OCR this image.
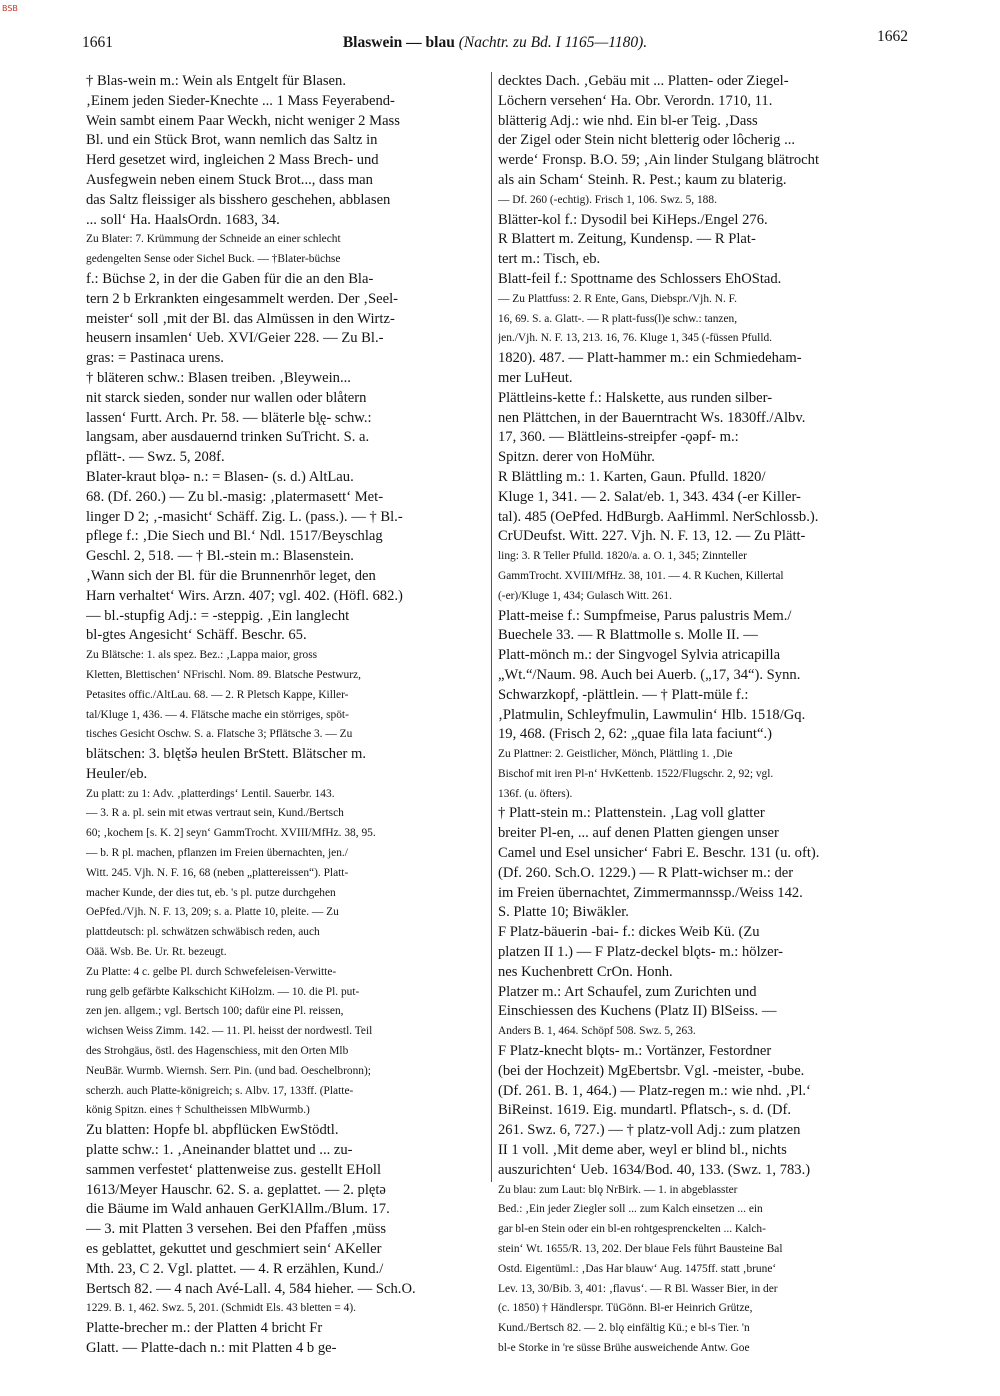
BSB
1661	Blaswein — blau (Nachtr. zu Bd. I 1165—1180).	1662
† Blas-wein m.: Wein als Entgelt für Blasen.
‚Einem jeden Sieder-Knechte ... 1 Mass Feyerabend-
Wein sambt einem Paar Weckh, nicht weniger 2 Mass
Bl. und ein Stück Brot, wann nemlich das Saltz in
Herd gesetzet wird, ingleichen 2 Mass Brech- und
Ausfegwein neben einem Stuck Brot..., dass man
das Saltz fleissiger als bisshero geschehen, abblasen
... soll‘ Ha. HaalsOrdn. 1683, 34.
Zu Blater: 7. Krümmung der Schneide an einer schlecht
gedengelten Sense oder Sichel Buck. — †Blater-büchse
f.: Büchse 2, in der die Gaben für die an den Bla-
tern 2 b Erkrankten eingesammelt werden. Der ‚Seel-
meister‘ soll ‚mit der Bl. das Almüssen in den Wirtz-
heusern insamlen‘ Ueb. XVI/Geier 228. — Zu Bl.-
gras: = Pastinaca urens.
† bläteren schw.: Blasen treiben. ‚Bleywein...
nit starck sieden, sonder nur wallen oder blåtern
lassen‘ Furtt. Arch. Pr. 58. — bläterle bl̨ę- schw.:
langsam, aber ausdauernd trinken SuTricht. S. a.
pflätt-. — Swz. 5, 208f.
Blater-kraut blǫə- n.: = Blasen- (s. d.) AltLau.
68. (Df. 260.) — Zu bl.-masig: ‚platermasett‘ Met-
linger D 2; ‚-masicht‘ Schäff. Zig. L. (pass.). — † Bl.-
pflege f.: ‚Die Siech und Bl.‘ Ndl. 1517/Beyschlag
Geschl. 2, 518. — † Bl.-stein m.: Blasenstein.
‚Wann sich der Bl. für die Brunnenrhōr leget, den
Harn verhaltet‘ Wirs. Arzn. 407; vgl. 402. (Höfl. 682.)
— bl.-stupfig Adj.: = -steppig. ‚Ein langlecht
bl-gtes Angesicht‘ Schäff. Beschr. 65.
Zu Blätsche: 1. als spez. Bez.: ‚Lappa maior, gross
Kletten, Blettischen‘ NFrischl. Nom. 89. Blatsche Pestwurz,
Petasites offic./AltLau. 68. — 2. R Pletsch Kappe, Killer-
tal/Kluge 1, 436. — 4. Flätsche mache ein störriges, spöt-
tisches Gesicht Oschw. S. a. Flatsche 3; Pflätsche 3. — Zu
blätschen: 3. blętšə heulen BrStett. Blätscher m.
Heuler/eb.
Zu platt: zu 1: Adv. ‚platterdings‘ Lentil. Sauerbr. 143.
— 3. R a. pl. sein mit etwas vertraut sein, Kund./Bertsch
60; ‚kochem [s. K. 2] seyn‘ GammTrocht. XVIII/MfHz. 38, 95.
— b. R pl. machen, pflanzen im Freien übernachten, jen./
Witt. 245. Vjh. N. F. 16, 68 (neben „plattereissen“). Platt-
macher Kunde, der dies tut, eb. 's pl. putze durchgehen
OePfed./Vjh. N. F. 13, 209; s. a. Platte 10, pleite. — Zu
plattdeutsch: pl. schwätzen schwäbisch reden, auch
Oää. Wsb. Be. Ur. Rt. bezeugt.
Zu Platte: 4 c. gelbe Pl. durch Schwefeleisen-Verwitte-
rung gelb gefärbte Kalkschicht KiHolzm. — 10. die Pl. put-
zen jen. allgem.; vgl. Bertsch 100; dafür eine Pl. reissen,
wichsen Weiss Zimm. 142. — 11. Pl. heisst der nordwestl. Teil
des Strohgäus, östl. des Hagenschiess, mit den Orten Mlb
NeuBär. Wurmb. Wiernsh. Serr. Pin. (und bad. Oeschelbronn);
scherzh. auch Platte-königreich; s. Albv. 17, 133ff. (Platte-
könig Spitzn. eines † Schultheissen MlbWurmb.)
Zu blatten: Hopfe bl. abpflücken EwStödtl.
platte schw.: 1. ‚Aneinander blattet und ... zu-
sammen verfestet‘ plattenweise zus. gestellt EHoll
1613/Meyer Hauschr. 62. S. a. geplattet. — 2. plętə
die Bäume im Wald anhauen GerKlAllm./Blum. 17.
— 3. mit Platten 3 versehen. Bei den Pfaffen ‚müss
es geblattet, gekuttet und geschmiert sein‘ AKeller
Mth. 23, C 2. Vgl. plattet. — 4. R erzählen, Kund./
Bertsch 82. — 4 nach Avé-Lall. 4, 584 hieher. — Sch.O.
1229. B. 1, 462. Swz. 5, 201. (Schmidt Els. 43 bletten = 4).
Platte-brecher m.: der Platten 4 bricht Fr
Glatt. — Platte-dach n.: mit Platten 4 b ge-
decktes Dach. ‚Gebäu mit ... Platten- oder Ziegel-
Löchern versehen‘ Ha. Obr. Verordn. 1710, 11.
blätterig Adj.: wie nhd. Ein bl-er Teig. ‚Dass
der Zigel oder Stein nicht bletterig oder lôcherig ...
werde‘ Fronsp. B.O. 59; ‚Ain linder Stulgang blätrocht
als ain Scham‘ Steinh. R. Pest.; kaum zu blaterig.
— Df. 260 (-echtig). Frisch 1, 106. Swz. 5, 188.
Blätter-kol f.: Dysodil bei KiHeps./Engel 276.
R Blattert m. Zeitung, Kundensp. — R Plat-
tert m.: Tisch, eb.
Blatt-feil f.: Spottname des Schlossers EhOStad.
— Zu Plattfuss: 2. R Ente, Gans, Diebspr./Vjh. N. F.
16, 69. S. a. Glatt-. — R platt-fuss(l)e schw.: tanzen,
jen./Vjh. N. F. 13, 213. 16, 76. Kluge 1, 345 (-füssen Pfulld.
1820). 487. — Platt-hammer m.: ein Schmiedeham-
mer LuHeut.
Plättleins-kette f.: Halskette, aus runden silber-
nen Plättchen, in der Bauerntracht Ws. 1830ff./Albv.
17, 360. — Blättleins-streipfer -ǫəpf- m.:
Spitzn. derer von HoMühr.
R Blättling m.: 1. Karten, Gaun. Pfulld. 1820/
Kluge 1, 341. — 2. Salat/eb. 1, 343. 434 (-er Killer-
tal). 485 (OePfed. HdBurgb. AaHimml. NerSchlossb.).
CrUDeufst. Witt. 227. Vjh. N. F. 13, 12. — Zu Plätt-
ling: 3. R Teller Pfulld. 1820/a. a. O. 1, 345; Zinnteller
GammTrocht. XVIII/MfHz. 38, 101. — 4. R Kuchen, Killertal
(-er)/Kluge 1, 434; Gulasch Witt. 261.
Platt-meise f.: Sumpfmeise, Parus palustris Mem./
Buechele 33. — R Blattmolle s. Molle II. —
Platt-mönch m.: der Singvogel Sylvia atricapilla
„Wt.“/Naum. 98. Auch bei Auerb. („17, 34“). Synn.
Schwarzkopf, -plättlein. — † Platt-müle f.:
‚Platmulin, Schleyfmulin, Lawmulin‘ Hlb. 1518/Gq.
19, 468. (Frisch 2, 62: „quae fila lata faciunt“.)
Zu Plattner: 2. Geistlicher, Mönch, Plättling 1. ‚Die
Bischof mit iren Pl-n‘ HvKettenb. 1522/Flugschr. 2, 92; vgl.
136f. (u. öfters).
† Platt-stein m.: Plattenstein. ‚Lag voll glatter
breiter Pl-en, ... auf denen Platten giengen unser
Camel und Esel unsicher‘ Fabri E. Beschr. 131 (u. oft).
(Df. 260. Sch.O. 1229.) — R Platt-wichser m.: der
im Freien übernachtet, Zimmermannssp./Weiss 142.
S. Platte 10; Biwäkler.
F Platz-bäuerin -bai- f.: dickes Weib Kü. (Zu
platzen II 1.) — F Platz-deckel blǫts- m.: hölzer-
nes Kuchenbrett CrOn. Honh.
Platzer m.: Art Schaufel, zum Zurichten und
Einschiessen des Kuchens (Platz II) BlSeiss. —
Anders B. 1, 464. Schöpf 508. Swz. 5, 263.
F Platz-knecht blǫts- m.: Vortänzer, Festordner
(bei der Hochzeit) MgEbertsbr. Vgl. -meister, -bube.
(Df. 261. B. 1, 464.) — Platz-regen m.: wie nhd. ‚Pl.‘
BiReinst. 1619. Eig. mundartl. Pflatsch-, s. d. (Df.
261. Swz. 6, 727.) — † platz-voll Adj.: zum platzen
II 1 voll. ‚Mit deme aber, weyl er blind bl., nichts
auszurichten‘ Ueb. 1634/Bod. 40, 133. (Swz. 1, 783.)
Zu blau: zum Laut: blǫ NrBirk. — 1. in abgeblasster
Bed.: ‚Ein jeder Ziegler soll ... zum Kalch einsetzen ... ein
gar bl-en Stein oder ein bl-en rohtgesprenckelten ... Kalch-
stein‘ Wt. 1655/R. 13, 202. Der blaue Fels führt Bausteine Bal
Ostd. Eigentüml.: ‚Das Har blauw‘ Aug. 1475ff. statt ‚brune‘
Lev. 13, 30/Bib. 3, 401: ‚flavus‘. — R Bl. Wasser Bier, in der
(c. 1850) † Händlerspr. TüGönn. Bl-er Heinrich Grütze,
Kund./Bertsch 82. — 2. blǫ einfältig Kü.; e bl-s Tier. 'n
bl-e Storke in 're süsse Brühe ausweichende Antw. Goe
